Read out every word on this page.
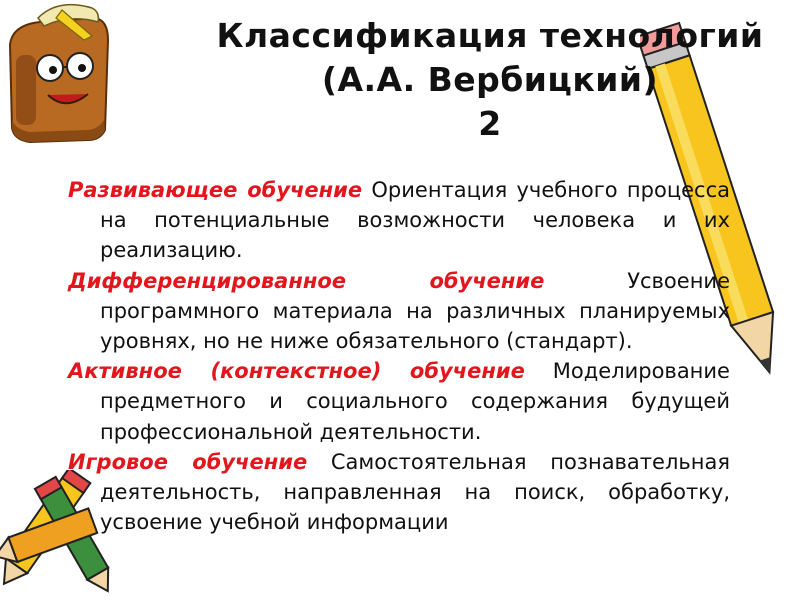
Классификация технологий
(А.А. Вербицкий)
2

Развивающее обучение Ориентация учебного процесса на потенциальные возможности человека и их реализацию.

Дифференцированное обучение	Усвоение программного материала на различных планируемых уровнях, но не ниже обязательного (стандарт).

Активное (контекстное) обучение Моделирование предметного и социального содержания будущей профессиональной деятельности.

Игровое обучение Самостоятельная познавательная деятельность, направленная на поиск, обработку, усвоение учебной информации
